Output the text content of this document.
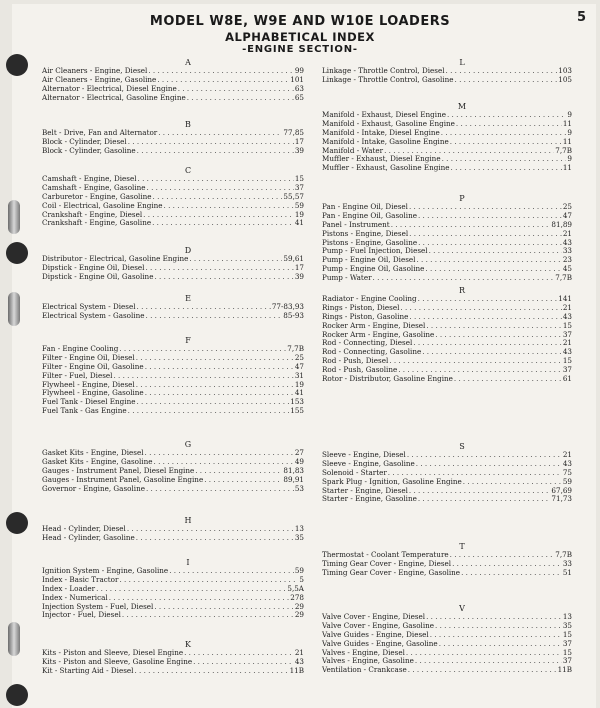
MODEL W8E, W9E AND W10E LOADERS
ALPHABETICAL INDEX
-ENGINE SECTION-
5
A
Air Cleaners - Engine, Diesel . . .	99
Air Cleaners - Engine, Gasoline . . .	101
Alternator - Electrical, Diesel Engine . . .	63
Alternator - Electrical, Gasoline Engine . . .	65
B
Belt - Drive, Fan and Alternator . . .	77,85
Block - Cylinder, Diesel . . .	17
Block - Cylinder, Gasoline . . .	39
C
Camshaft - Engine, Diesel . . .	15
Camshaft - Engine, Gasoline . . .	37
Carburetor - Engine, Gasoline . . .	55,57
Coil - Electrical, Gasoline Engine . . .	59
Crankshaft - Engine, Diesel . . .	19
Crankshaft - Engine, Gasoline . . .	41
D
Distributor - Electrical, Gasoline Engine . . .	59,61
Dipstick - Engine Oil, Diesel . . .	17
Dipstick - Engine Oil, Gasoline . . .	39
E
Electrical System - Diesel . . .	77-83,93
Electrical System - Gasoline . . .	85-93
F
Fan - Engine Cooling . . .	7,7B
Filter - Engine Oil, Diesel . . .	25
Filter - Engine Oil, Gasoline . . .	47
Filter - Fuel, Diesel . . .	31
Flywheel - Engine, Diesel . . .	19
Flywheel - Engine, Gasoline . . .	41
Fuel Tank - Diesel Engine . . .	153
Fuel Tank - Gas Engine . . .	155
G
Gasket Kits - Engine, Diesel . . .	27
Gasket Kits - Engine, Gasoline . . .	49
Gauges - Instrument Panel, Diesel Engine . . .	81,83
Gauges - Instrument Panel, Gasoline Engine . . .	89,91
Governor - Engine, Gasoline . . .	53
H
Head - Cylinder, Diesel . . .	13
Head - Cylinder, Gasoline . . .	35
I
Ignition System - Engine, Gasoline . . .	59
Index - Basic Tractor . . .	5
Index - Loader . . .	5,5A
Index - Numerical . . .	278
Injection System - Fuel, Diesel . . .	29
Injector - Fuel, Diesel . . .	29
K
Kits - Piston and Sleeve, Diesel Engine . . .	21
Kits - Piston and Sleeve, Gasoline Engine . . .	43
Kit - Starting Aid - Diesel . . .	11B
L
Linkage - Throttle Control, Diesel . . .	103
Linkage - Throttle Control, Gasoline . . .	105
M
Manifold - Exhaust, Diesel Engine . . .	9
Manifold - Exhaust, Gasoline Engine . . .	11
Manifold - Intake, Diesel Engine . . .	9
Manifold - Intake, Gasoline Engine . . .	11
Manifold - Water . . .	7,7B
Muffler - Exhaust, Diesel Engine . . .	9
Muffler - Exhaust, Gasoline Engine . . .	11
P
Pan - Engine Oil, Diesel . . .	25
Pan - Engine Oil, Gasoline . . .	47
Panel - Instrument . . .	81,89
Pistons - Engine, Diesel . . .	21
Pistons - Engine, Gasoline . . .	43
Pump - Fuel Injection, Diesel . . .	33
Pump - Engine Oil, Diesel . . .	23
Pump - Engine Oil, Gasoline . . .	45
Pump - Water . . .	7,7B
R
Radiator - Engine Cooling . . .	141
Rings - Piston, Diesel . . .	21
Rings - Piston, Gasoline . . .	43
Rocker Arm - Engine, Diesel . . .	15
Rocker Arm - Engine, Gasoline . . .	37
Rod - Connecting, Diesel . . .	21
Rod - Connecting, Gasoline . . .	43
Rod - Push, Diesel . . .	15
Rod - Push, Gasoline . . .	37
Rotor - Distributor, Gasoline Engine . . .	61
S
Sleeve - Engine, Diesel . . .	21
Sleeve - Engine, Gasoline . . .	43
Solenoid - Starter . . .	75
Spark Plug - Ignition, Gasoline Engine . . .	59
Starter - Engine, Diesel . . .	67,69
Starter - Engine, Gasoline . . .	71,73
T
Thermostat - Coolant Temperature . . .	7,7B
Timing Gear Cover - Engine, Diesel . . .	33
Timing Gear Cover - Engine, Gasoline . . .	51
V
Valve Cover - Engine, Diesel . . .	13
Valve Cover - Engine, Gasoline . . .	35
Valve Guides - Engine, Diesel . . .	15
Valve Guides - Engine, Gasoline . . .	37
Valves - Engine, Diesel . . .	15
Valves - Engine, Gasoline . . .	37
Ventilation - Crankcase . . .	11B
